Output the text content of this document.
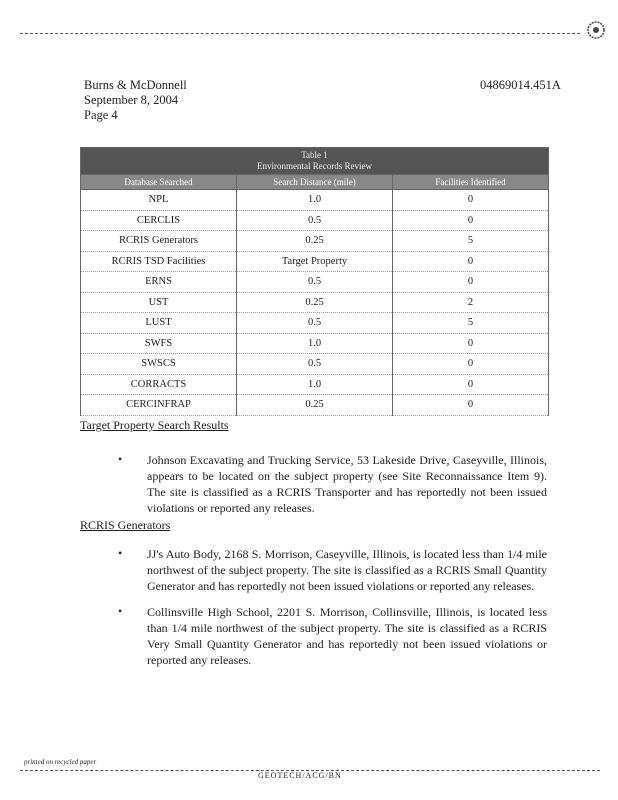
Burns & McDonnell
September 8, 2004
Page 4
04869014.451A
Table 1
Environmental Records Review		

Database Searched	Search Distance (mile)	Facilities Identified
NPL	1.0	0
CERCLIS	0.5	0
RCRIS Generators	0.25	5
RCRIS TSD Facilities	Target Property	0
ERNS	0.5	0
UST	0.25	2
LUST	0.5	5
SWFS	1.0	0
SWSCS	0.5	0
CORRACTS	1.0	0
CERCINFRAP	0.25	0
Target Property Search Results
• Johnson Excavating and Trucking Service, 53 Lakeside Drive, Caseyville, Illinois, appears to be located on the subject property (see Site Reconnaissance Item 9). The site is classified as a RCRIS Transporter and has reportedly not been issued violations or reported any releases.
RCRIS Generators
• JJ's Auto Body, 2168 S. Morrison, Caseyville, Illinois, is located less than 1/4 mile northwest of the subject property. The site is classified as a RCRIS Small Quantity Generator and has reportedly not been issued violations or reported any releases.
• Collinsville High School, 2201 S. Morrison, Collinsville, Illinois, is located less than 1/4 mile northwest of the subject property. The site is classified as a RCRIS Very Small Quantity Generator and has reportedly not been issued violations or reported any releases.
printed on recycled paper
GEOTECH/ACG/BN
